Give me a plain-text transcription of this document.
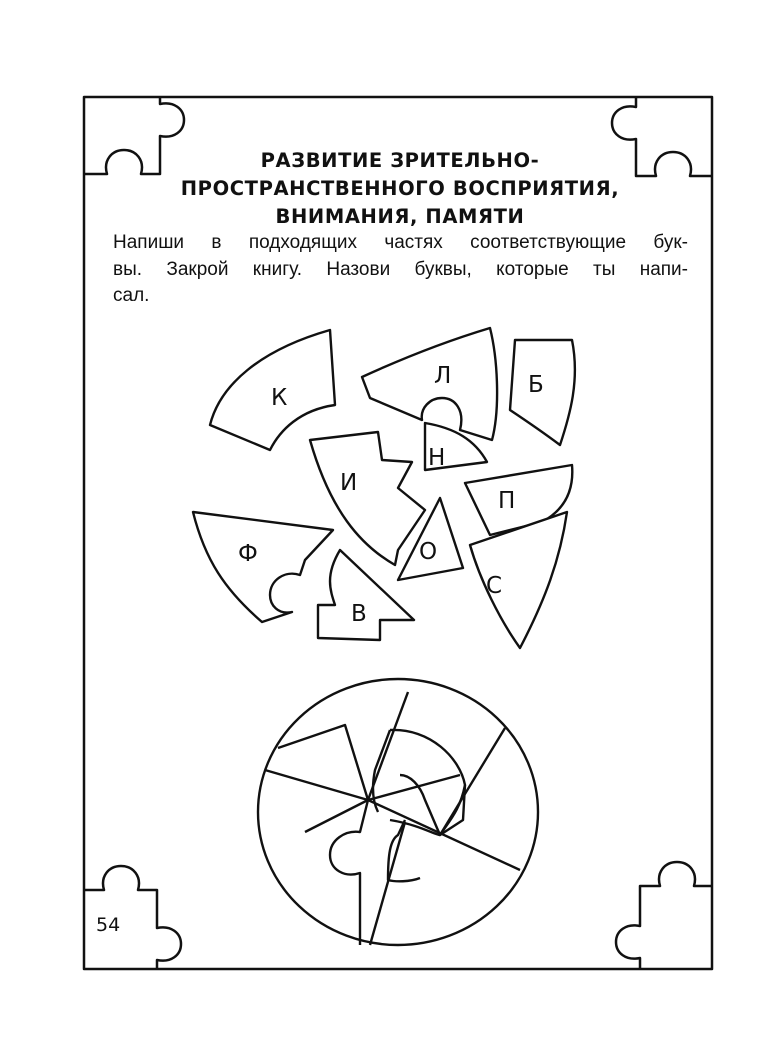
РАЗВИТИЕ ЗРИТЕЛЬНО-
ПРОСТРАНСТВЕННОГО ВОСПРИЯТИЯ,
ВНИМАНИЯ, ПАМЯТИ

Напиши в подходящих частях соответствующие бук-
вы. Закрой книгу. Назови буквы, которые ты напи-
сал.

К
Л	Б
Н
И
П
Ф	О
С
В
54
